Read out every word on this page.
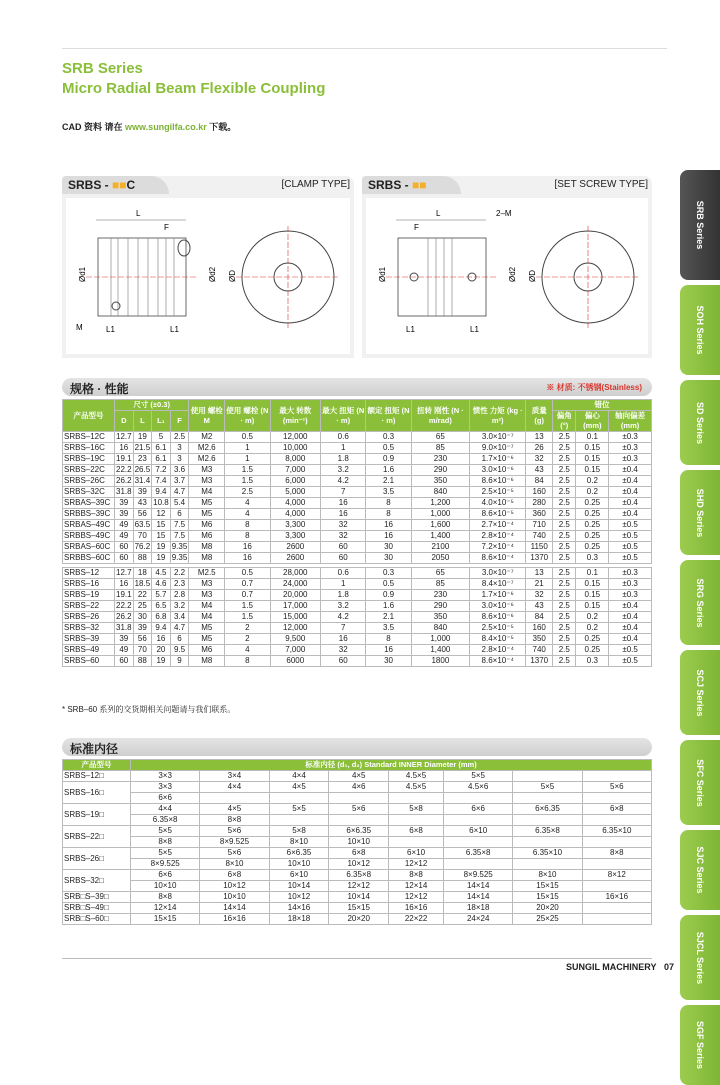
SRB Series
Micro Radial Beam Flexible Coupling
CAD 资料 请在 www.sungilfa.co.kr 下载。
SRBS - ■■C	[CLAMP TYPE]
L
F
Ød1	Ød2 ØD
M	L1	L1
SRBS - ■■	[SET SCREW TYPE]
L	2–M
F
Ød1	Ød2 ØD
L1	L1
规格 · 性能	※ 材质: 不锈钢(Stainless)
产品型号	尺寸 (±0.3)				使用 螺栓 M	使用 螺栓 (N · m)	最大 转数 (min⁻¹)	最大 扭矩 (N · m)	额定 扭矩 (N · m)	扭转 刚性 (N · m/rad)	惯性 力矩 (kg · m²)	质量 (g)	错位		
	D	L	L₁	F									偏角 (°)	偏心 (mm)	轴向偏差 (mm)
SRBS–12C	12.7	19	5	2.5	M2	0.5	12,000	0.6	0.3	65	3.0×10⁻⁷	13	2.5	0.1	±0.3
SRBS–16C	16	21.5	6.1	3	M2.6	1	10,000	1	0.5	85	9.0×10⁻⁷	26	2.5	0.15	±0.3
SRBS–19C	19.1	23	6.1	3	M2.6	1	8,000	1.8	0.9	230	1.7×10⁻⁶	32	2.5	0.15	±0.3
SRBS–22C	22.2	26.5	7.2	3.6	M3	1.5	7,000	3.2	1.6	290	3.0×10⁻⁶	43	2.5	0.15	±0.4
SRBS–26C	26.2	31.4	7.4	3.7	M3	1.5	6,000	4.2	2.1	350	8.6×10⁻⁶	84	2.5	0.2	±0.4
SRBS–32C	31.8	39	9.4	4.7	M4	2.5	5,000	7	3.5	840	2.5×10⁻⁵	160	2.5	0.2	±0.4
SRBAS–39C	39	43	10.8	5.4	M5	4	4,000	16	8	1,200	4.0×10⁻⁵	280	2.5	0.25	±0.4
SRBBS–39C	39	56	12	6	M5	4	4,000	16	8	1,000	8.6×10⁻⁵	360	2.5	0.25	±0.4
SRBAS–49C	49	63.5	15	7.5	M6	8	3,300	32	16	1,600	2.7×10⁻⁴	710	2.5	0.25	±0.5
SRBBS–49C	49	70	15	7.5	M6	8	3,300	32	16	1,400	2.8×10⁻⁴	740	2.5	0.25	±0.5
SRBAS–60C	60	76.2	19	9.35	M8	16	2600	60	30	2100	7.2×10⁻⁴	1150	2.5	0.25	±0.5
SRBBS–60C	60	88	19	9.35	M8	16	2600	60	30	2050	8.6×10⁻⁴	1370	2.5	0.3	±0.5

SRBS–12	12.7	18	4.5	2.2	M2.5	0.5	28,000	0.6	0.3	65	3.0×10⁻⁷	13	2.5	0.1	±0.3
SRBS–16	16	18.5	4.6	2.3	M3	0.7	24,000	1	0.5	85	8.4×10⁻⁷	21	2.5	0.15	±0.3
SRBS–19	19.1	22	5.7	2.8	M3	0.7	20,000	1.8	0.9	230	1.7×10⁻⁶	32	2.5	0.15	±0.3
SRBS–22	22.2	25	6.5	3.2	M4	1.5	17,000	3.2	1.6	290	3.0×10⁻⁶	43	2.5	0.15	±0.4
SRBS–26	26.2	30	6.8	3.4	M4	1.5	15,000	4.2	2.1	350	8.6×10⁻⁶	84	2.5	0.2	±0.4
SRBS–32	31.8	39	9.4	4.7	M5	2	12,000	7	3.5	840	2.5×10⁻⁵	160	2.5	0.2	±0.4
SRBS–39	39	56	16	6	M5	2	9,500	16	8	1,000	8.4×10⁻⁵	350	2.5	0.25	±0.4
SRBS–49	49	70	20	9.5	M6	4	7,000	32	16	1,400	2.8×10⁻⁴	740	2.5	0.25	±0.5
SRBS–60	60	88	19	9	M8	8	6000	60	30	1800	8.6×10⁻⁴	1370	2.5	0.3	±0.5
* SRB–60 系列的交货期相关问题请与我们联系。
标准内径
产品型号	标准内径 (d₁, d₂) Standard INNER Diameter (mm)							
SRBS–12□	3×3	3×4	4×4	4×5	4.5×5	5×5		
SRBS–16□	3×3	4×4	4×5	4×6	4.5×5	4.5×6	5×5	5×6
	6×6							
SRBS–19□	4×4	4×5	5×5	5×6	5×8	6×6	6×6.35	6×8
	6.35×8	8×8						
SRBS–22□	5×5	5×6	5×8	6×6.35	6×8	6×10	6.35×8	6.35×10
	8×8	8×9.525	8×10	10×10				
SRBS–26□	5×5	5×6	6×6.35	6×8	6×10	6.35×8	6.35×10	8×8
	8×9.525	8×10	10×10	10×12	12×12			
SRBS–32□	6×6	6×8	6×10	6.35×8	8×8	8×9.525	8×10	8×12
	10×10	10×12	10×14	12×12	12×14	14×14	15×15	
SRB□S–39□	8×8	10×10	10×12	10×14	12×12	14×14	15×15	16×16
SRB□S–49□	12×14	14×14	14×16	15×15	16×16	18×18	20×20	
SRB□S–60□	15×15	16×16	18×18	20×20	22×22	24×24	25×25	
SRB Series
SOH Series
SD Series
SHD Series
SRG Series
SCJ Series
SFC Series
SJC Series
SJCL Series
SGF Series
SUNGIL MACHINERY 07
